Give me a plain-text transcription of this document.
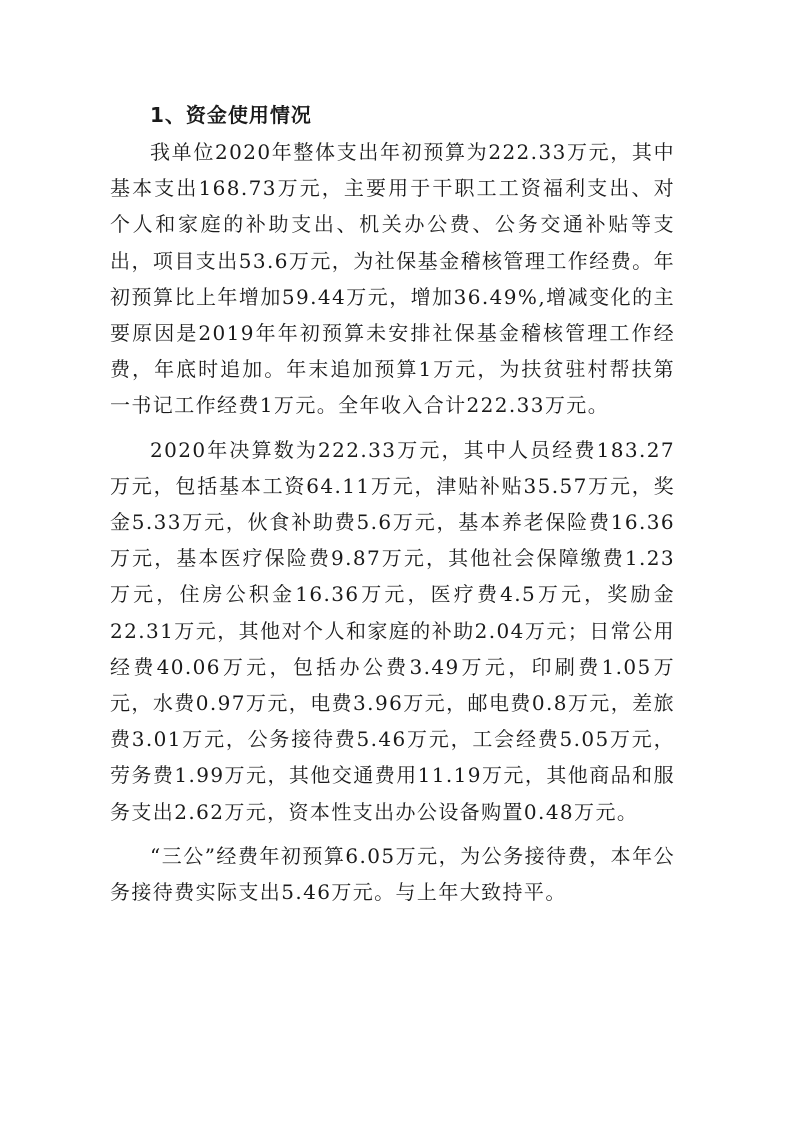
1、资金使用情况

我单位2020年整体支出年初预算为222.33万元，其中基本支出168.73万元，主要用于干职工工资福利支出、对个人和家庭的补助支出、机关办公费、公务交通补贴等支出，项目支出53.6万元，为社保基金稽核管理工作经费。年初预算比上年增加59.44万元，增加36.49%,增减变化的主要原因是2019年年初预算未安排社保基金稽核管理工作经费，年底时追加。年末追加预算1万元，为扶贫驻村帮扶第一书记工作经费1万元。全年收入合计222.33万元。

2020年决算数为222.33万元，其中人员经费183.27万元，包括基本工资64.11万元，津贴补贴35.57万元，奖金5.33万元，伙食补助费5.6万元，基本养老保险费16.36万元，基本医疗保险费9.87万元，其他社会保障缴费1.23万元，住房公积金16.36万元，医疗费4.5万元，奖励金22.31万元，其他对个人和家庭的补助2.04万元；日常公用经费40.06万元，包括办公费3.49万元，印刷费1.05万元，水费0.97万元，电费3.96万元，邮电费0.8万元，差旅费3.01万元，公务接待费5.46万元，工会经费5.05万元，劳务费1.99万元，其他交通费用11.19万元，其他商品和服务支出2.62万元，资本性支出办公设备购置0.48万元。

“三公”经费年初预算6.05万元，为公务接待费，本年公务接待费实际支出5.46万元。与上年大致持平。
